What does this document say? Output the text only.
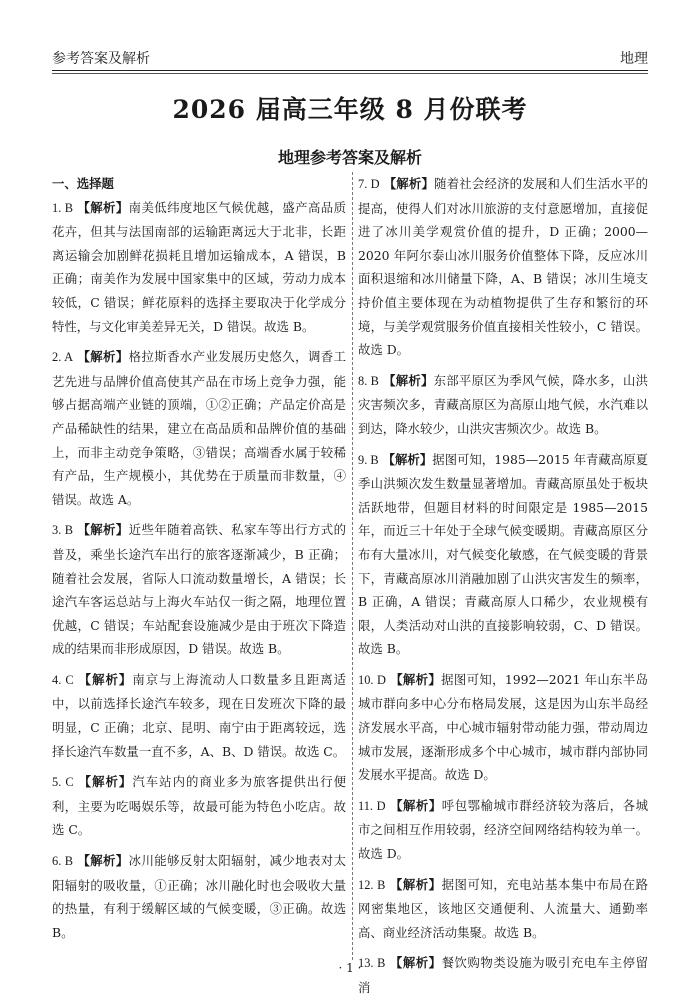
参考答案及解析	地理
2026 届高三年级 8 月份联考
地理参考答案及解析

一、选择题

1. B 【解析】南美低纬度地区气候优越，盛产高品质花卉，但其与法国南部的运输距离远大于北非，长距离运输会加剧鲜花损耗且增加运输成本，A 错误，B 正确；南美作为发展中国家集中的区域，劳动力成本较低，C 错误；鲜花原料的选择主要取决于化学成分特性，与文化审美差异无关，D 错误。故选 B。

2. A 【解析】格拉斯香水产业发展历史悠久，调香工艺先进与品牌价值高使其产品在市场上竞争力强，能够占据高端产业链的顶端，①②正确；产品定价高是产品稀缺性的结果，建立在高品质和品牌价值的基础上，而非主动竞争策略，③错误；高端香水属于较稀有产品，生产规模小，其优势在于质量而非数量，④错误。故选 A。

3. B 【解析】近些年随着高铁、私家车等出行方式的普及，乘坐长途汽车出行的旅客逐渐减少，B 正确；随着社会发展，省际人口流动数量增长，A 错误；长途汽车客运总站与上海火车站仅一街之隔，地理位置优越，C 错误；车站配套设施减少是由于班次下降造成的结果而非形成原因，D 错误。故选 B。

4. C 【解析】南京与上海流动人口数量多且距离适中，以前选择长途汽车较多，现在日发班次下降的最明显，C 正确；北京、昆明、南宁由于距离较远，选择长途汽车数量一直不多，A、B、D 错误。故选 C。

5. C 【解析】汽车站内的商业多为旅客提供出行便利，主要为吃喝娱乐等，故最可能为特色小吃店。故选 C。

6. B 【解析】冰川能够反射太阳辐射，减少地表对太阳辐射的吸收量，①正确；冰川融化时也会吸收大量的热量，有利于缓解区域的气候变暖，③正确。故选 B。

7. D 【解析】随着社会经济的发展和人们生活水平的提高，使得人们对冰川旅游的支付意愿增加，直接促进了冰川美学观赏价值的提升，D 正确；2000—2020 年阿尔泰山冰川服务价值整体下降，反应冰川面积退缩和冰川储量下降，A、B 错误；冰川生境支持价值主要体现在为动植物提供了生存和繁衍的环境，与美学观赏服务价值直接相关性较小，C 错误。故选 D。

8. B 【解析】东部平原区为季风气候，降水多，山洪灾害频次多，青藏高原区为高原山地气候，水汽难以到达，降水较少，山洪灾害频次少。故选 B。

9. B 【解析】据图可知，1985—2015 年青藏高原夏季山洪频次发生数量显著增加。青藏高原虽处于板块活跃地带，但题目材料的时间限定是 1985—2015 年，而近三十年处于全球气候变暖期。青藏高原区分布有大量冰川，对气候变化敏感，在气候变暖的背景下，青藏高原冰川消融加剧了山洪灾害发生的频率，B 正确，A 错误；青藏高原人口稀少，农业规模有限，人类活动对山洪的直接影响较弱，C、D 错误。故选 B。

10. D 【解析】据图可知，1992—2021 年山东半岛城市群向多中心分布格局发展，这是因为山东半岛经济发展水平高，中心城市辐射带动能力强，带动周边城市发展，逐渐形成多个中心城市，城市群内部协同发展水平提高。故选 D。

11. D 【解析】呼包鄂榆城市群经济较为落后，各城市之间相互作用较弱，经济空间网络结构较为单一。故选 D。

12. B 【解析】据图可知，充电站基本集中布局在路网密集地区，该地区交通便利、人流量大、通勤率高、商业经济活动集聚。故选 B。

13. B 【解析】餐饮购物类设施为吸引充电车主停留消

· 1 ·
